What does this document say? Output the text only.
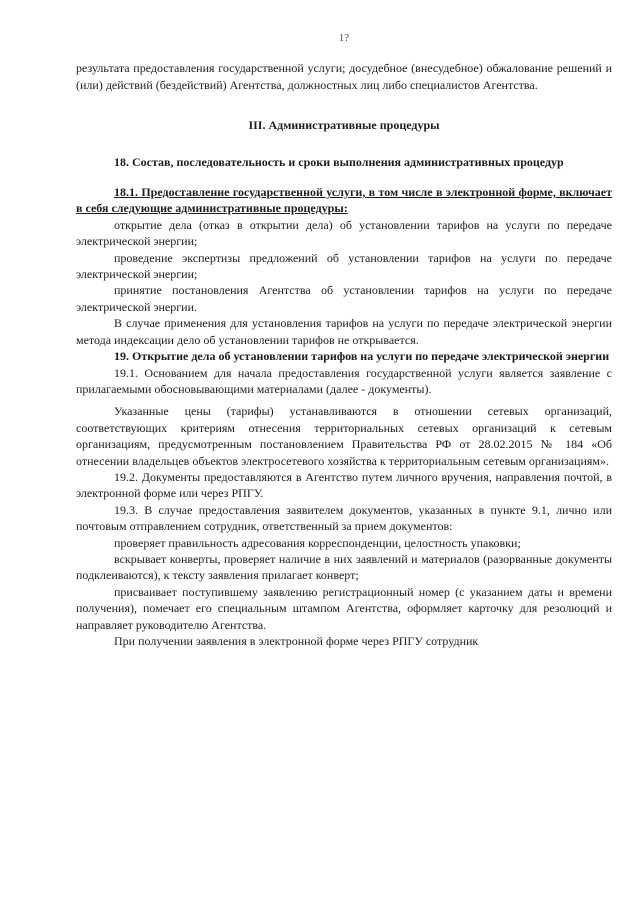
1?

результата предоставления государственной услуги; досудебное (внесудебное) обжалование решений и (или) действий (бездействий) Агентства, должностных лиц либо специалистов Агентства.

III. Административные процедуры

18. Состав, последовательность и сроки выполнения административных процедур

18.1. Предоставление государственной услуги, в том числе в электронной форме, включает в себя следующие административные процедуры:

открытие дела (отказ в открытии дела) об установлении тарифов на услуги по передаче электрической энергии;

проведение экспертизы предложений об установлении тарифов на услуги по передаче электрической энергии;

принятие постановления Агентства об установлении тарифов на услуги по передаче электрической энергии.

В случае применения для установления тарифов на услуги по передаче электрической энергии метода индексации дело об установлении тарифов не открывается.

19. Открытие дела об установлении тарифов на услуги по передаче электрической энергии

19.1. Основанием для начала предоставления государственной услуги является заявление с прилагаемыми обосновывающими материалами (далее - документы).

Указанные цены (тарифы) устанавливаются в отношении сетевых организаций, соответствующих критериям отнесения территориальных сетевых организаций к сетевым организациям, предусмотренным постановлением Правительства РФ от 28.02.2015 № 184 «Об отнесении владельцев объектов электросетевого хозяйства к территориальным сетевым организациям».

19.2. Документы предоставляются в Агентство путем личного вручения, направления почтой, в электронной форме или через РПГУ.

19.3. В случае предоставления заявителем документов, указанных в пункте 9.1, лично или почтовым отправлением сотрудник, ответственный за прием документов:

проверяет правильность адресования корреспонденции, целостность упаковки;

вскрывает конверты, проверяет наличие в них заявлений и материалов (разорванные документы подклеиваются), к тексту заявления прилагает конверт;

присваивает поступившему заявлению регистрационный номер (с указанием даты и времени получения), помечает его специальным штампом Агентства, оформляет карточку для резолюций и направляет руководителю Агентства.

При получении заявления в электронной форме через РПГУ сотрудник
